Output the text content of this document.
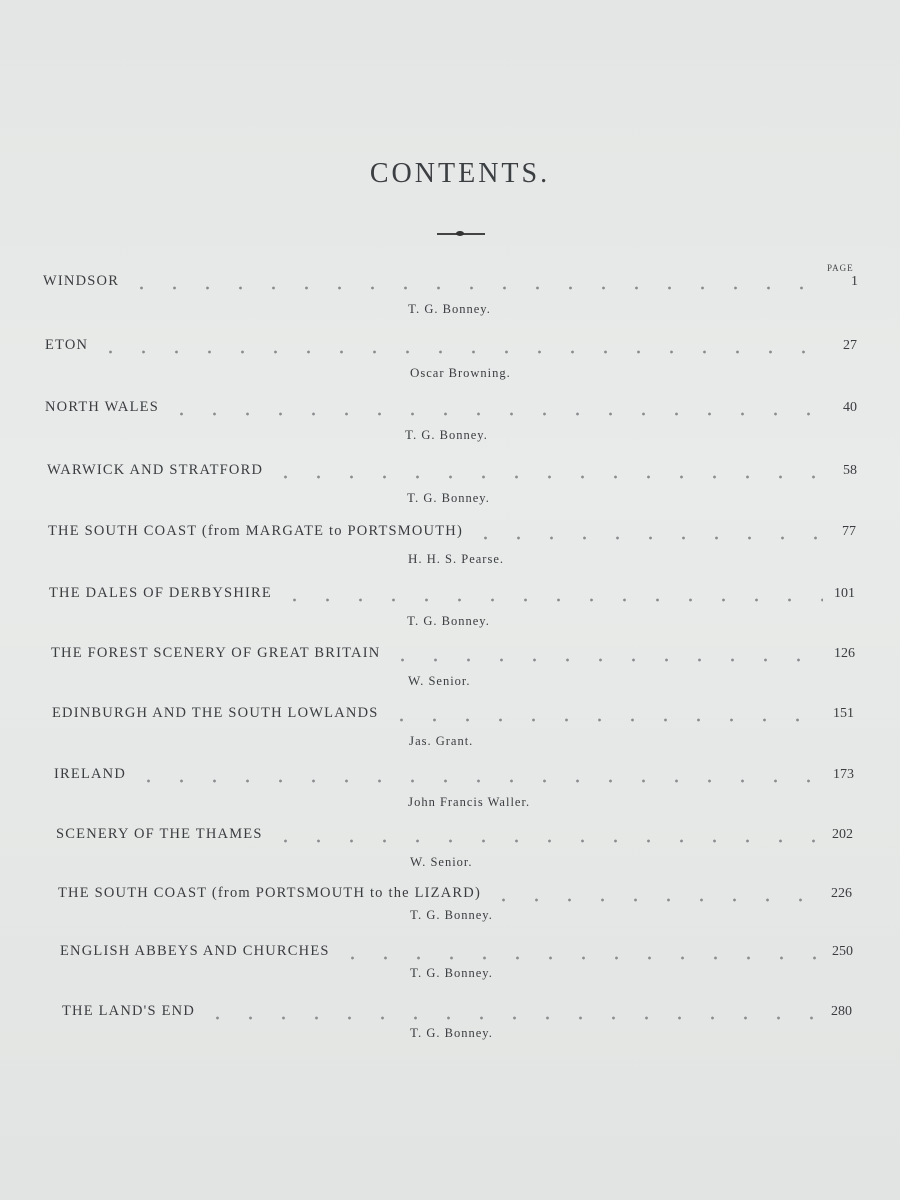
CONTENTS.
PAGE
WINDSOR	1
T. G. Bonney.
ETON	27
Oscar Browning.
NORTH WALES	40
T. G. Bonney.
WARWICK AND STRATFORD	58
T. G. Bonney.
THE SOUTH COAST (from MARGATE to PORTSMOUTH)	77
H. H. S. Pearse.
THE DALES OF DERBYSHIRE	101
T. G. Bonney.
THE FOREST SCENERY OF GREAT BRITAIN	126
W. Senior.
EDINBURGH AND THE SOUTH LOWLANDS	151
Jas. Grant.
IRELAND	173
John Francis Waller.
SCENERY OF THE THAMES	202
W. Senior.
THE SOUTH COAST (from PORTSMOUTH to the LIZARD)	226
T. G. Bonney.
ENGLISH ABBEYS AND CHURCHES	250
T. G. Bonney.
THE LAND'S END	280
T. G. Bonney.
